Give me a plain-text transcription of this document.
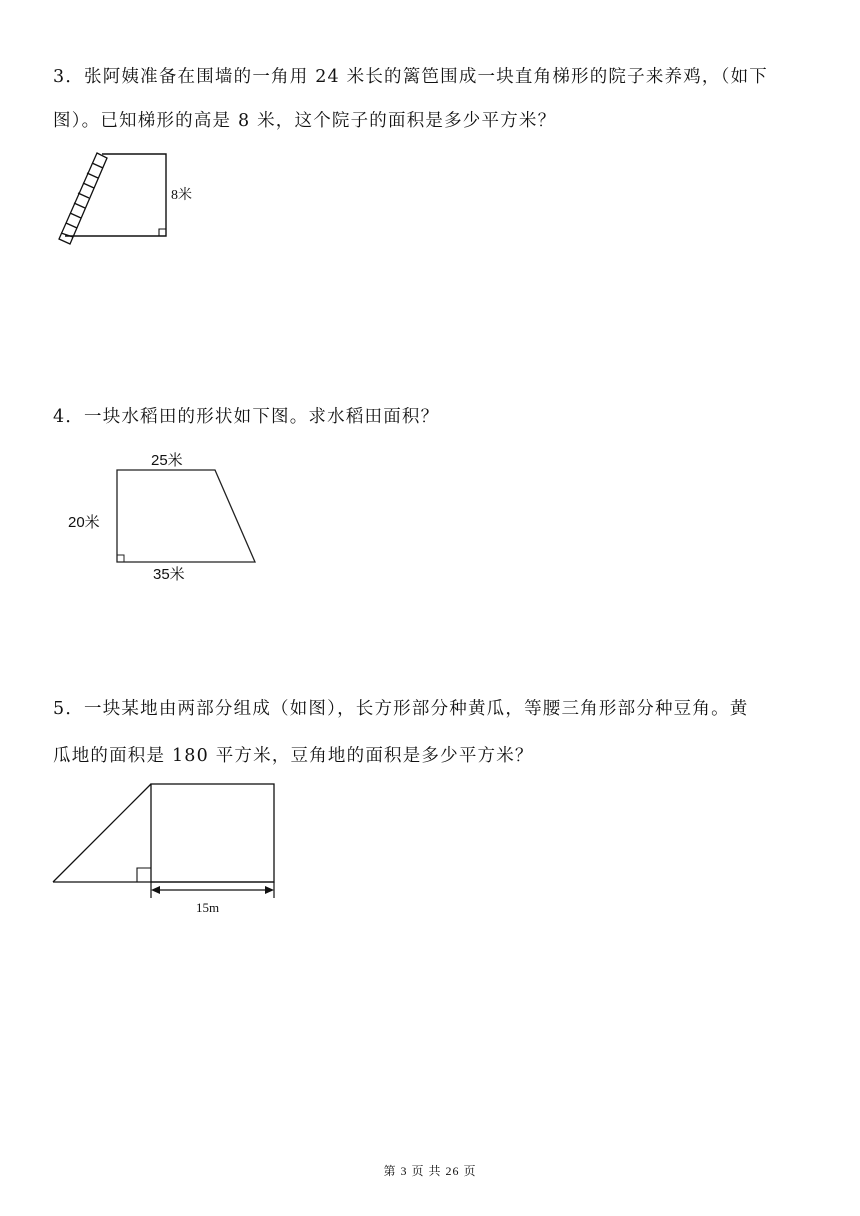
3．张阿姨准备在围墙的一角用 24 米长的篱笆围成一块直角梯形的院子来养鸡，（如下
图）。已知梯形的高是 8 米，这个院子的面积是多少平方米？
8米
4．一块水稻田的形状如下图。求水稻田面积？
25米
20米
35米
5．一块某地由两部分组成（如图），长方形部分种黄瓜，等腰三角形部分种豆角。黄
瓜地的面积是 180 平方米，豆角地的面积是多少平方米？
15m
第 3 页 共 26 页
